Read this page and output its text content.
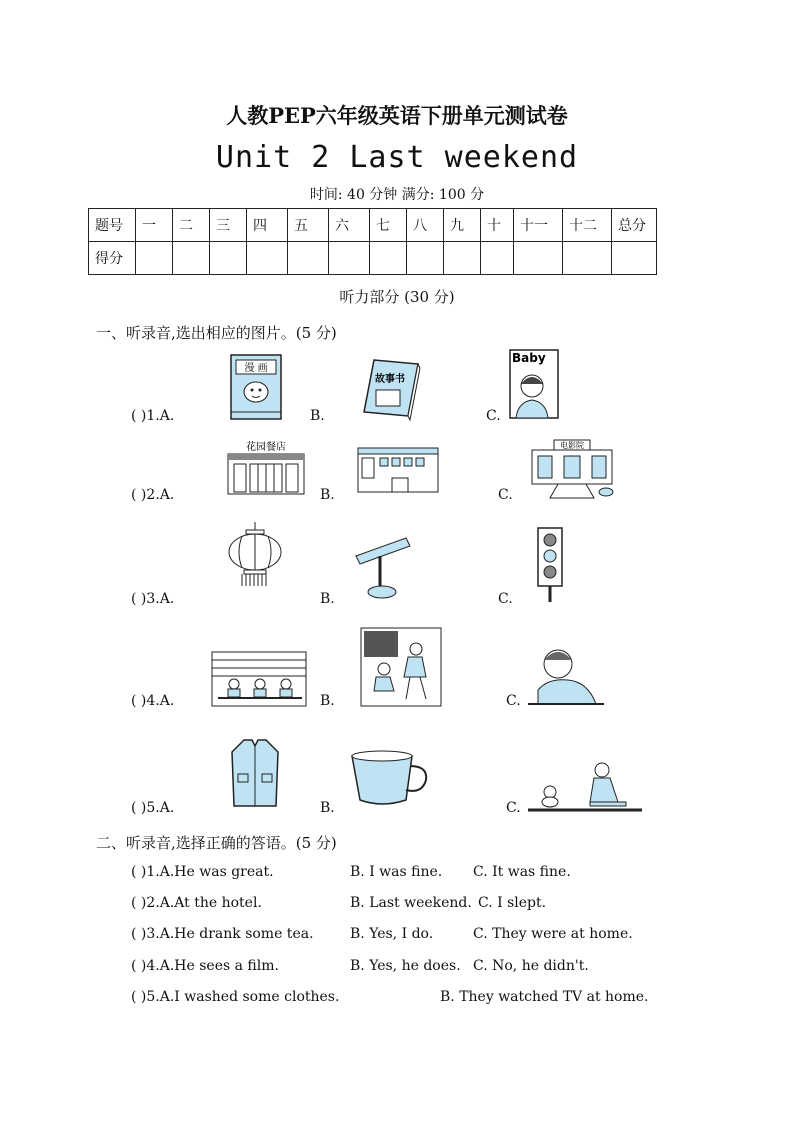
人教PEP六年级英语下册单元测试卷
Unit 2 Last weekend
时间: 40 分钟 满分: 100 分
题号	一	二	三	四	五	六	七	八	九	十	十一	十二	总分
得分													
听力部分 (30 分)
一、听录音,选出相应的图片。(5 分)
( )1.A.	B.	C.
漫 画
故事书
Baby
( )2.A.	B.	C.
花园餐店	电影院
( )3.A.	B.	C.
( )4.A.	B.	C.
( )5.A.	B.	C.
二、听录音,选择正确的答语。(5 分)
( )1.A.He was great.	B. I was fine. C. It was fine.
( )2.A.At the hotel.	B. Last weekend. C. I slept.
( )3.A.He drank some tea.	B. Yes, I do.	C. They were at home.
( )4.A.He sees a film.	B. Yes, he does. C. No, he didn't.
( )5.A.I washed some clothes.	B. They watched TV at home.
